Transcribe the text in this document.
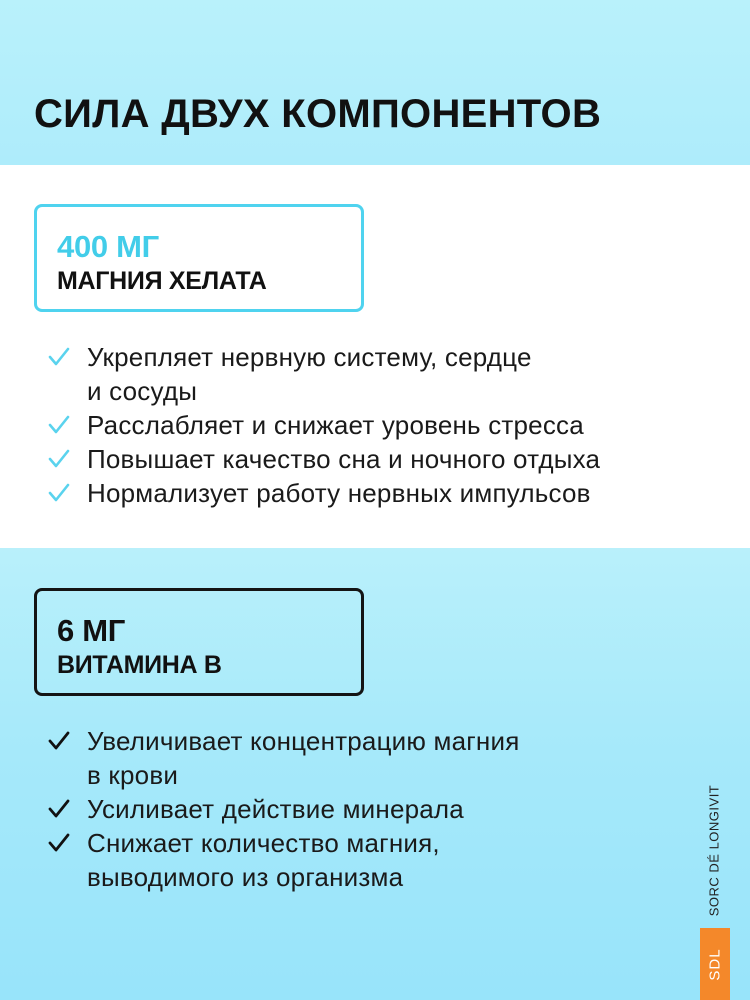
СИЛА ДВУХ КОМПОНЕНТОВ
400 МГ
МАГНИЯ ХЕЛАТА
Укрепляет нервную систему, сердце
и сосуды
Расслабляет и снижает уровень стресса
Повышает качество сна и ночного отдыха
Нормализует работу нервных импульсов
6 МГ
ВИТАМИНА В
Увеличивает концентрацию магния
в крови
Усиливает действие минерала
Снижает количество магния,
выводимого из организма	SORC DÉ LONGIVIT
SDL
